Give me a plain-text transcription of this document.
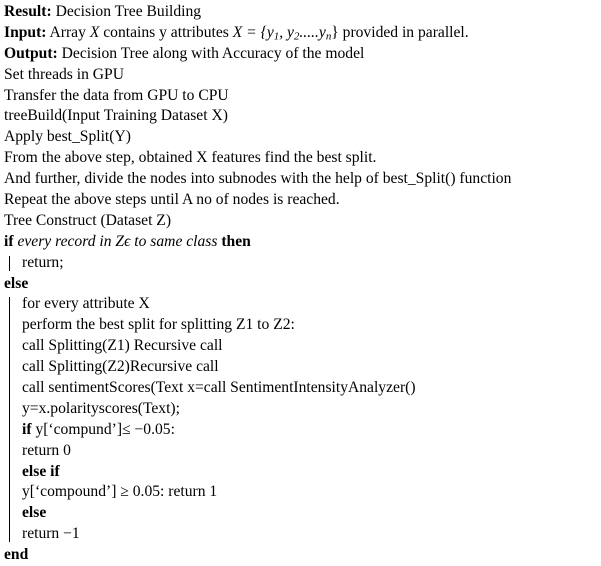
Result: Decision Tree Building
Input: Array X contains y attributes $X = \{y_1$, $y_2.....y_n$} provided in parallel.
Output: Decision Tree along with Accuracy of the model
Set threads in GPU
Transfer the data from GPU to CPU
treeBuild(Input Training Dataset X)
Apply best_Split(Y)
From the above step, obtained X features find the best split.
And further, divide the nodes into subnodes with the help of best_Split() function
Repeat the above steps until A no of nodes is reached.
Tree Construct (Dataset Z)
if every record in Zϵ to same class then
return;
else
for every attribute X
perform the best split for splitting Z1 to Z2:
call Splitting(Z1) Recursive call
call Splitting(Z2)Recursive call
call sentimentScores(Text x=call SentimentIntensityAnalyzer()
y=x.polarityscores(Text);
if y[‘compund’]≤ −0.05:
return 0
else if
y[‘compound’] ≥ 0.05: return 1
else
return −1
end
